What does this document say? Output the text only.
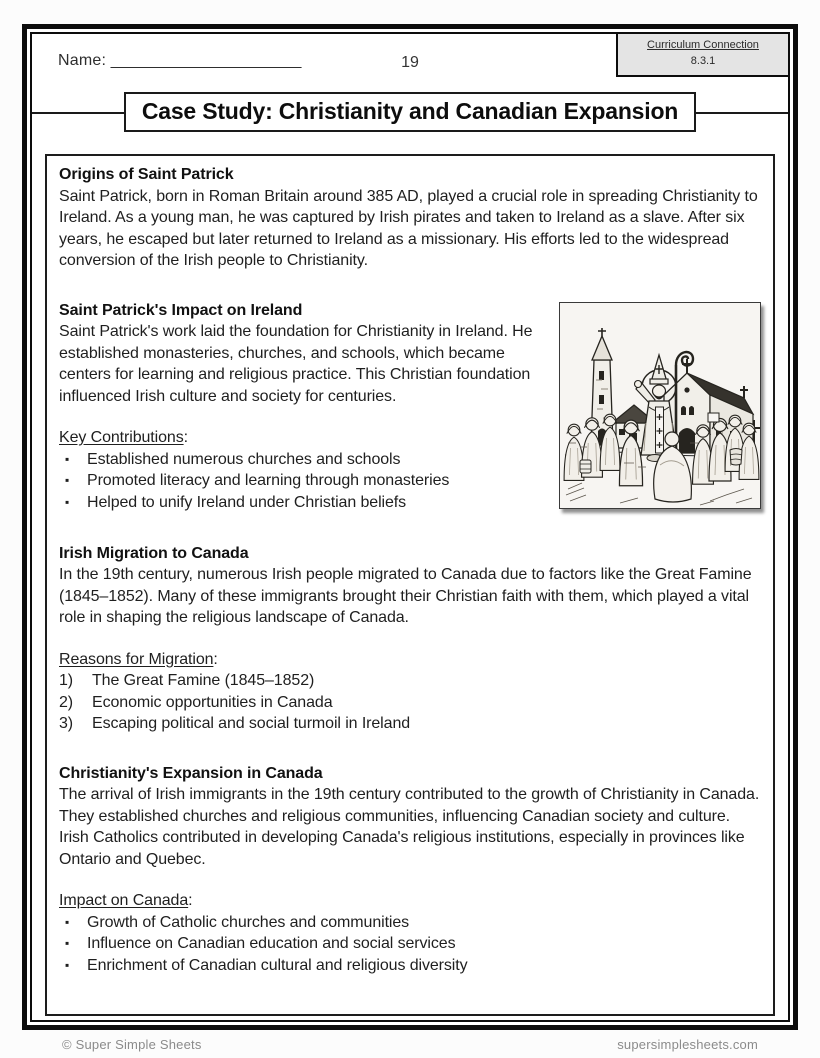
Name: ________________________	19
Curriculum Connection
8.3.1
Case Study: Christianity and Canadian Expansion
Origins of Saint Patrick

Saint Patrick, born in Roman Britain around 385 AD, played a crucial role in spreading Christianity to Ireland. As a young man, he was captured by Irish pirates and taken to Ireland as a slave. After six years, he escaped but later returned to Ireland as a missionary. His efforts led to the widespread conversion of the Irish people to Christianity.

Saint Patrick's Impact on Ireland

Saint Patrick's work laid the foundation for Christianity in Ireland. He established monasteries, churches, and schools, which became centers for learning and religious practice. This Christian foundation influenced Irish culture and society for centuries.

Key Contributions:

▪	Established numerous churches and schools
▪	Promoted literacy and learning through monasteries
▪	Helped to unify Ireland under Christian beliefs
Irish Migration to Canada

In the 19th century, numerous Irish people migrated to Canada due to factors like the Great Famine (1845–1852). Many of these immigrants brought their Christian faith with them, which played a vital role in shaping the religious landscape of Canada.

Reasons for Migration:

1)	The Great Famine (1845–1852)
2)	Economic opportunities in Canada
3)	Escaping political and social turmoil in Ireland
Christianity's Expansion in Canada

The arrival of Irish immigrants in the 19th century contributed to the growth of Christianity in Canada. They established churches and religious communities, influencing Canadian society and culture. Irish Catholics contributed in developing Canada's religious institutions, especially in provinces like Ontario and Quebec.

Impact on Canada:

▪	Growth of Catholic churches and communities
▪	Influence on Canadian education and social services
▪	Enrichment of Canadian cultural and religious diversity
© Super Simple Sheets	supersimplesheets.com
